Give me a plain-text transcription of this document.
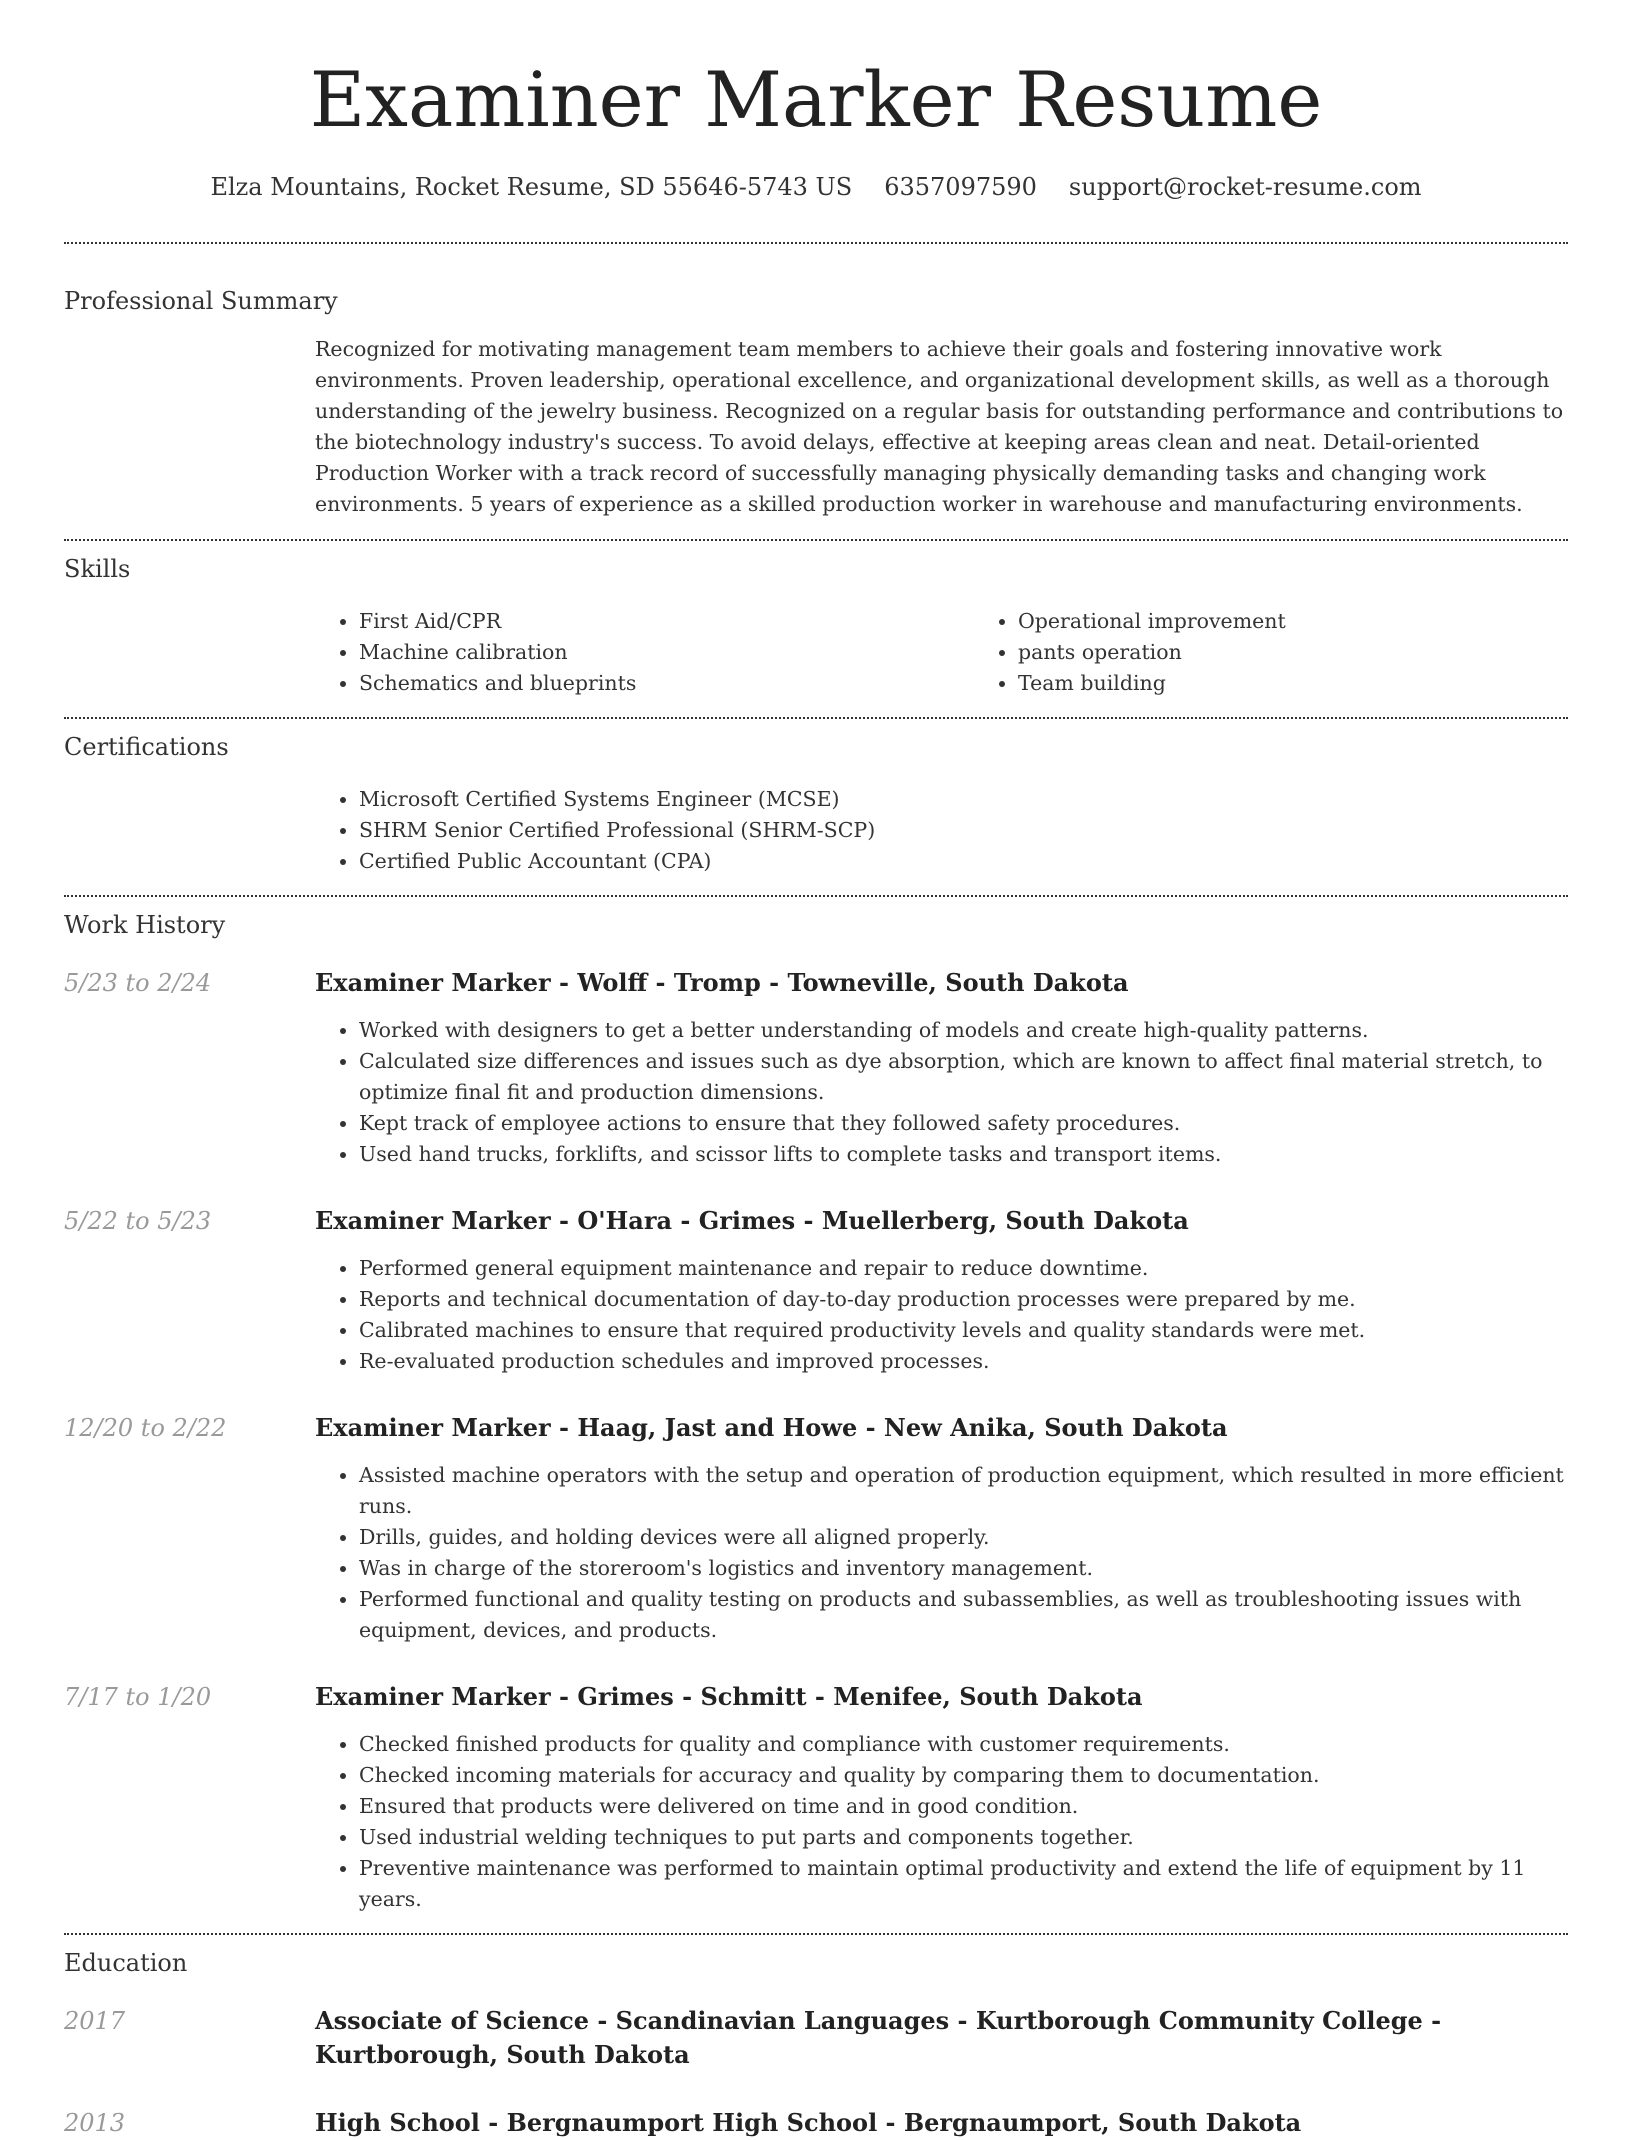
Examiner Marker Resume
Elza Mountains, Rocket Resume, SD 55646-5743 US 6357097590 support@rocket-resume.com
Professional Summary

Recognized for motivating management team members to achieve their goals and fostering innovative work environments. Proven leadership, operational excellence, and organizational development skills, as well as a thorough understanding of the jewelry business. Recognized on a regular basis for outstanding performance and contributions to the biotechnology industry's success. To avoid delays, effective at keeping areas clean and neat. Detail-oriented Production Worker with a track record of successfully managing physically demanding tasks and changing work environments. 5 years of experience as a skilled production worker in warehouse and manufacturing environments.

Skills
• First Aid/CPR
• Machine calibration
• Schematics and blueprints
• Operational improvement
• pants operation
• Team building
Certifications
• Microsoft Certified Systems Engineer (MCSE)
• SHRM Senior Certified Professional (SHRM-SCP)
• Certified Public Accountant (CPA)
Work History
5/23 to 2/24	Examiner Marker - Wolff - Tromp - Towneville, South Dakota
• Worked with designers to get a better understanding of models and create high-quality patterns.
• Calculated size differences and issues such as dye absorption, which are known to affect final material stretch, to optimize final fit and production dimensions.
• Kept track of employee actions to ensure that they followed safety procedures.
• Used hand trucks, forklifts, and scissor lifts to complete tasks and transport items.
5/22 to 5/23	Examiner Marker - O'Hara - Grimes - Muellerberg, South Dakota
• Performed general equipment maintenance and repair to reduce downtime.
• Reports and technical documentation of day-to-day production processes were prepared by me.
• Calibrated machines to ensure that required productivity levels and quality standards were met.
• Re-evaluated production schedules and improved processes.
12/20 to 2/22	Examiner Marker - Haag, Jast and Howe - New Anika, South Dakota
• Assisted machine operators with the setup and operation of production equipment, which resulted in more efficient runs.
• Drills, guides, and holding devices were all aligned properly.
• Was in charge of the storeroom's logistics and inventory management.
• Performed functional and quality testing on products and subassemblies, as well as troubleshooting issues with equipment, devices, and products.
7/17 to 1/20	Examiner Marker - Grimes - Schmitt - Menifee, South Dakota
• Checked finished products for quality and compliance with customer requirements.
• Checked incoming materials for accuracy and quality by comparing them to documentation.
• Ensured that products were delivered on time and in good condition.
• Used industrial welding techniques to put parts and components together.
• Preventive maintenance was performed to maintain optimal productivity and extend the life of equipment by 11 years.
Education
2017	Associate of Science - Scandinavian Languages - Kurtborough Community College - Kurtborough, South Dakota
2013	High School - Bergnaumport High School - Bergnaumport, South Dakota
